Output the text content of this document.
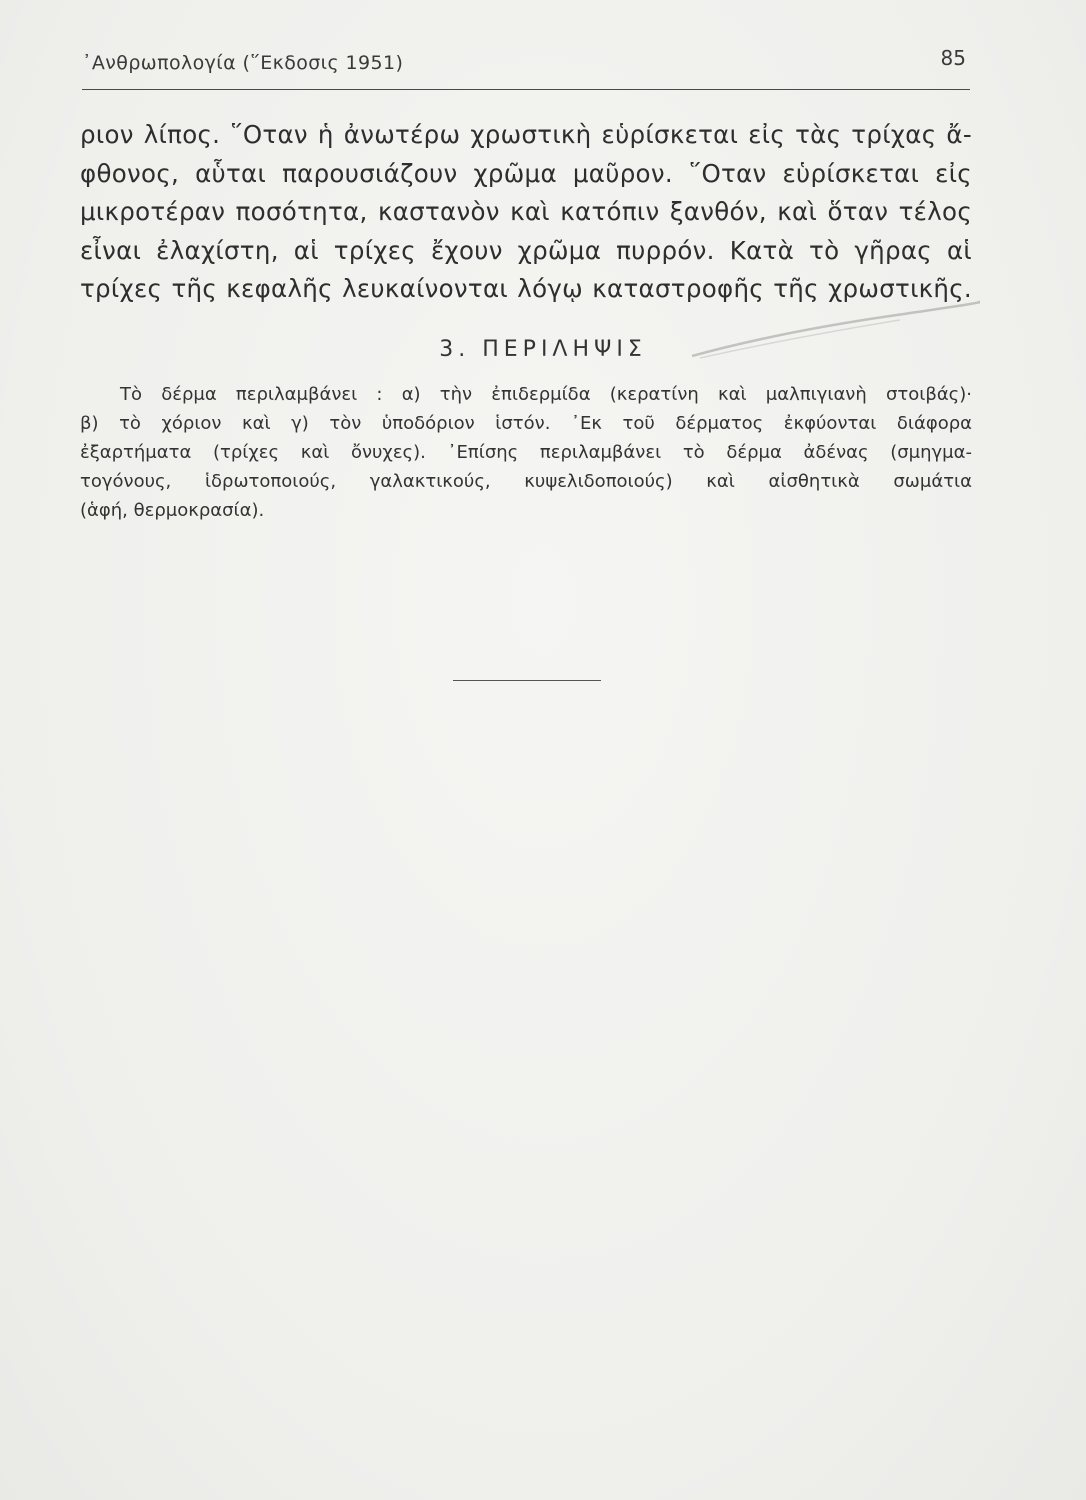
᾿Ανθρωπολογία (῞Εκδοσις 1951)	85
ριον λίπος. ῞Οταν ἡ ἀνωτέρω χρωστικὴ εὑρίσκεται εἰς τὰς τρίχας ἄ-
φθονος, αὗται παρουσιάζουν χρῶμα μαῦρον. ῞Οταν εὑρίσκεται εἰς
μικροτέραν ποσότητα, καστανὸν καὶ κατόπιν ξανθόν, καὶ ὅταν τέλος
εἶναι ἐλαχίστη, αἱ τρίχες ἔχουν χρῶμα πυρρόν. Κατὰ τὸ γῆρας αἱ
τρίχες τῆς κεφαλῆς λευκαίνονται λόγῳ καταστροφῆς τῆς χρωστικῆς.
3. ΠΕΡΙΛΗΨΙΣ
Τὸ δέρμα περιλαμβάνει : α) τὴν ἐπιδερμίδα (κερατίνη καὶ μαλπιγιανὴ στοιβάς)·
β) τὸ χόριον καὶ γ) τὸν ὑποδόριον ἱστόν. ᾿Εκ τοῦ δέρματος ἐκφύονται διάφορα
ἐξαρτήματα (τρίχες καὶ ὄνυχες). ᾿Επίσης περιλαμβάνει τὸ δέρμα ἀδένας (σμηγμα-
τογόνους, ἱδρωτοποιούς, γαλακτικούς, κυψελιδοποιούς) καὶ αἰσθητικὰ σωμάτια
(ἁφή, θερμοκρασία).
